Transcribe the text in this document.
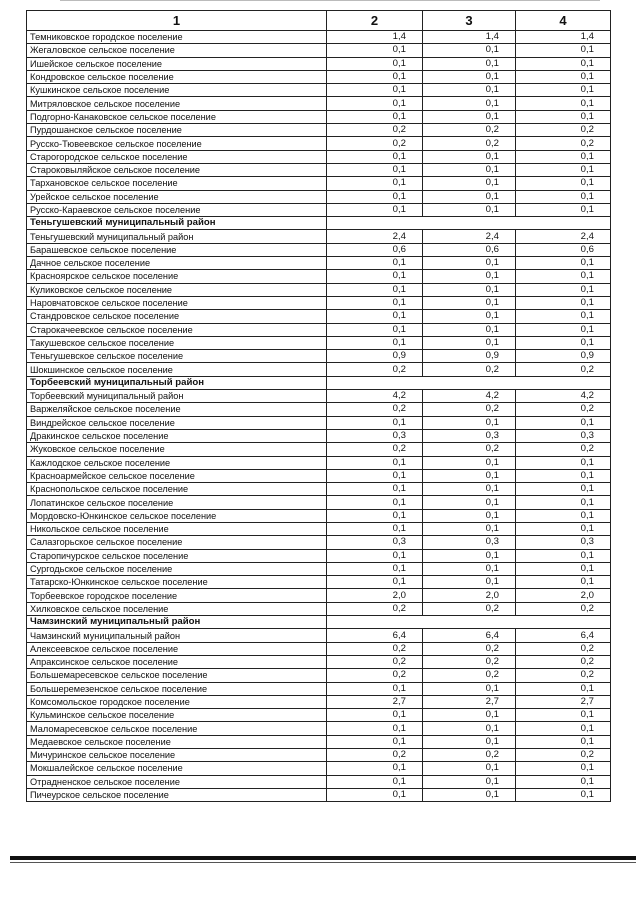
1	2	3	4
Темниковское городское поселение	1,4	1,4	1,4
Жегаловское сельское поселение	0,1	0,1	0,1
Ишейское сельское поселение	0,1	0,1	0,1
Кондровское сельское поселение	0,1	0,1	0,1
Кушкинское сельское поселение	0,1	0,1	0,1
Митряловское сельское поселение	0,1	0,1	0,1
Подгорно-Канаковское сельское поселение	0,1	0,1	0,1
Пурдошанское сельское поселение	0,2	0,2	0,2
Русско-Тювеевское сельское поселение	0,2	0,2	0,2
Старогородское сельское поселение	0,1	0,1	0,1
Староковыляйское сельское поселение	0,1	0,1	0,1
Тархановское сельское поселение	0,1	0,1	0,1
Урейское сельское поселение	0,1	0,1	0,1
Русско-Караевское сельское поселение	0,1	0,1	0,1
Теньгушевский муниципальный район			
Теньгушевский муниципальный район	2,4	2,4	2,4
Барашевское сельское поселение	0,6	0,6	0,6
Дачное сельское поселение	0,1	0,1	0,1
Красноярское сельское поселение	0,1	0,1	0,1
Куликовское сельское поселение	0,1	0,1	0,1
Наровчатовское сельское поселение	0,1	0,1	0,1
Стандровское сельское поселение	0,1	0,1	0,1
Старокачеевское сельское поселение	0,1	0,1	0,1
Такушевское сельское поселение	0,1	0,1	0,1
Теньгушевское сельское поселение	0,9	0,9	0,9
Шокшинское сельское поселение	0,2	0,2	0,2
Торбеевский муниципальный район			
Торбеевский муниципальный район	4,2	4,2	4,2
Варжеляйское сельское поселение	0,2	0,2	0,2
Виндрейское сельское поселение	0,1	0,1	0,1
Дракинское сельское поселение	0,3	0,3	0,3
Жуковское сельское поселение	0,2	0,2	0,2
Кажлодское сельское поселение	0,1	0,1	0,1
Красноармейское сельское поселение	0,1	0,1	0,1
Краснопольское сельское поселение	0,1	0,1	0,1
Лопатинское сельское поселение	0,1	0,1	0,1
Мордовско-Юнкинское сельское поселение	0,1	0,1	0,1
Никольское сельское поселение	0,1	0,1	0,1
Салазгорьское сельское поселение	0,3	0,3	0,3
Старопичурское сельское поселение	0,1	0,1	0,1
Сургодьское сельское поселение	0,1	0,1	0,1
Татарско-Юнкинское сельское поселение	0,1	0,1	0,1
Торбеевское городское поселение	2,0	2,0	2,0
Хилковское сельское поселение	0,2	0,2	0,2
Чамзинский муниципальный район			
Чамзинский муниципальный район	6,4	6,4	6,4
Алексеевское сельское поселение	0,2	0,2	0,2
Апраксинское сельское поселение	0,2	0,2	0,2
Большемаресевское сельское поселение	0,2	0,2	0,2
Большеремезенское сельское поселение	0,1	0,1	0,1
Комсомольское городское поселение	2,7	2,7	2,7
Кульминское сельское поселение	0,1	0,1	0,1
Маломаресевское сельское поселение	0,1	0,1	0,1
Медаевское сельское поселение	0,1	0,1	0,1
Мичуринское сельское поселение	0,2	0,2	0,2
Мокшалейское сельское поселение	0,1	0,1	0,1
Отрадненское сельское поселение	0,1	0,1	0,1
Пичеурское сельское поселение	0,1	0,1	0,1
